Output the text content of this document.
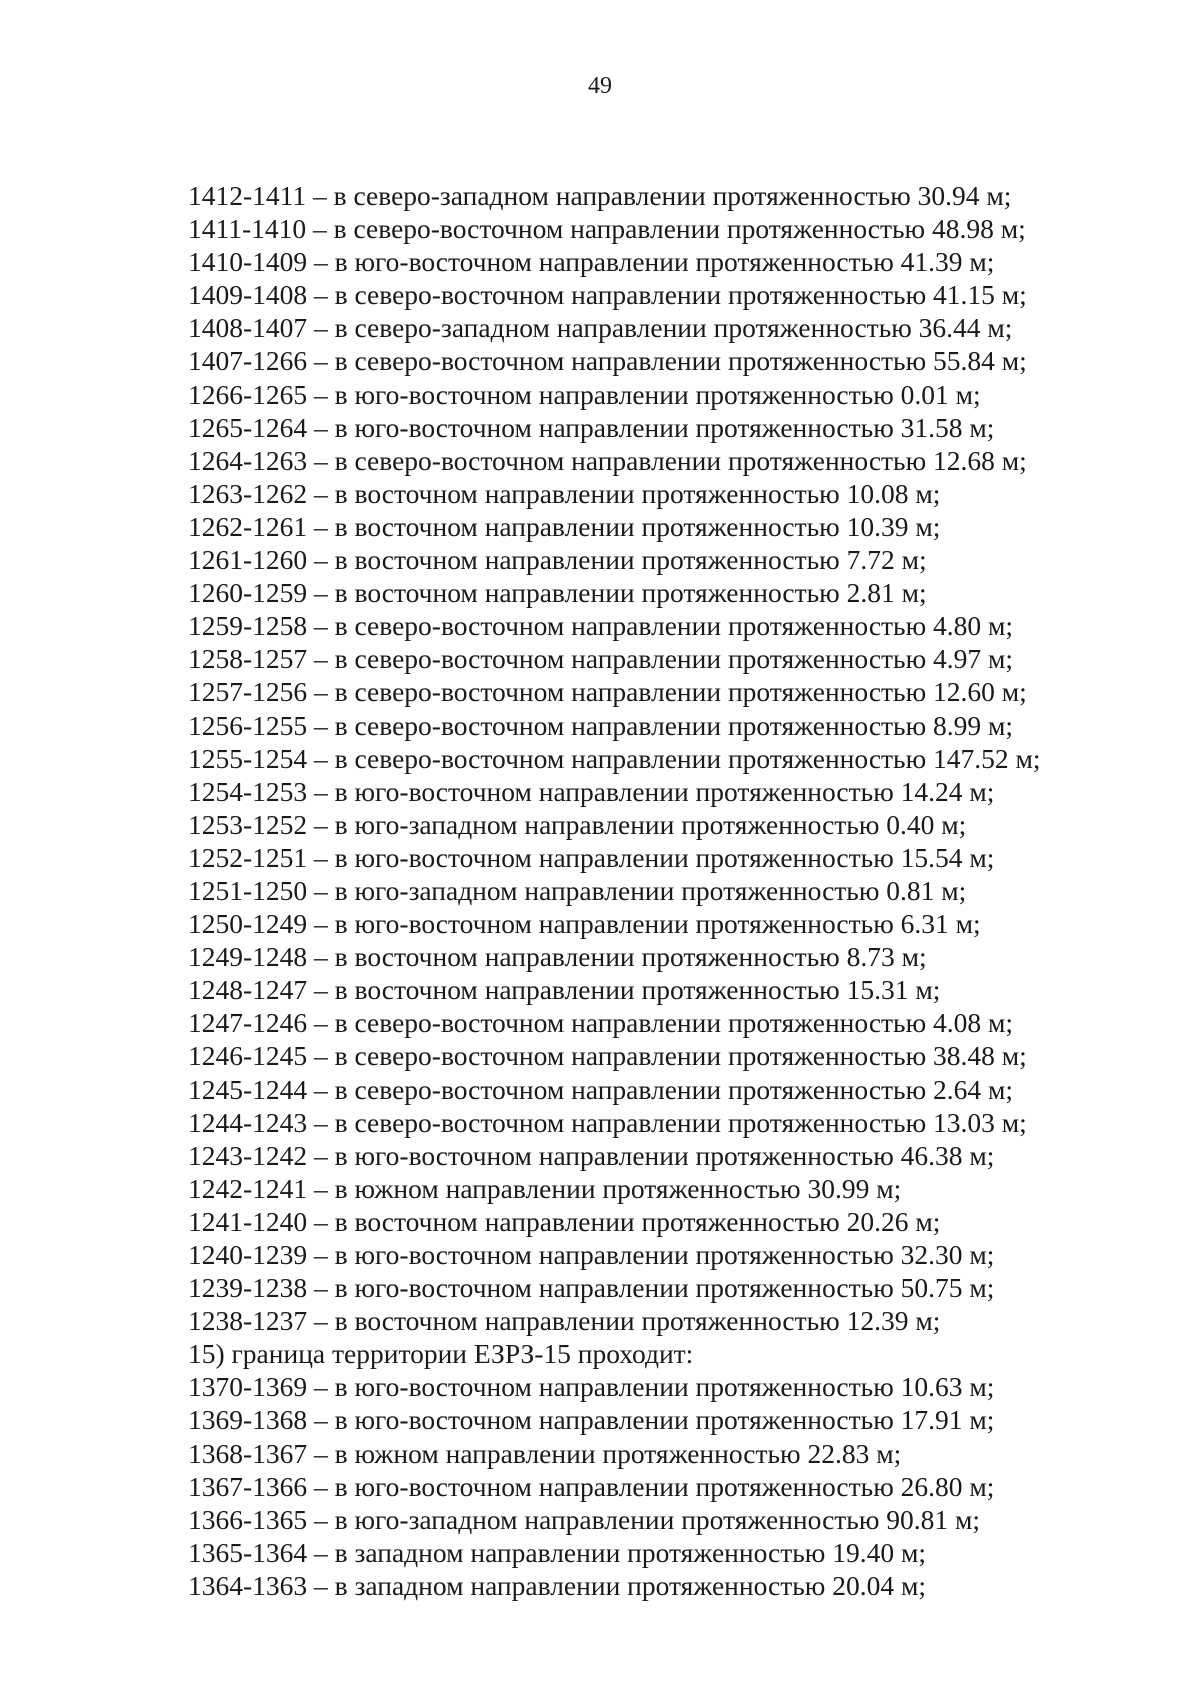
49
1412-1411 – в северо-западном направлении протяженностью 30.94 м;
1411-1410 – в северо-восточном направлении протяженностью 48.98 м;
1410-1409 – в юго-восточном направлении протяженностью 41.39 м;
1409-1408 – в северо-восточном направлении протяженностью 41.15 м;
1408-1407 – в северо-западном направлении протяженностью 36.44 м;
1407-1266 – в северо-восточном направлении протяженностью 55.84 м;
1266-1265 – в юго-восточном направлении протяженностью 0.01 м;
1265-1264 – в юго-восточном направлении протяженностью 31.58 м;
1264-1263 – в северо-восточном направлении протяженностью 12.68 м;
1263-1262 – в восточном направлении протяженностью 10.08 м;
1262-1261 – в восточном направлении протяженностью 10.39 м;
1261-1260 – в восточном направлении протяженностью 7.72 м;
1260-1259 – в восточном направлении протяженностью 2.81 м;
1259-1258 – в северо-восточном направлении протяженностью 4.80 м;
1258-1257 – в северо-восточном направлении протяженностью 4.97 м;
1257-1256 – в северо-восточном направлении протяженностью 12.60 м;
1256-1255 – в северо-восточном направлении протяженностью 8.99 м;
1255-1254 – в северо-восточном направлении протяженностью 147.52 м;
1254-1253 – в юго-восточном направлении протяженностью 14.24 м;
1253-1252 – в юго-западном направлении протяженностью 0.40 м;
1252-1251 – в юго-восточном направлении протяженностью 15.54 м;
1251-1250 – в юго-западном направлении протяженностью 0.81 м;
1250-1249 – в юго-восточном направлении протяженностью 6.31 м;
1249-1248 – в восточном направлении протяженностью 8.73 м;
1248-1247 – в восточном направлении протяженностью 15.31 м;
1247-1246 – в северо-восточном направлении протяженностью 4.08 м;
1246-1245 – в северо-восточном направлении протяженностью 38.48 м;
1245-1244 – в северо-восточном направлении протяженностью 2.64 м;
1244-1243 – в северо-восточном направлении протяженностью 13.03 м;
1243-1242 – в юго-восточном направлении протяженностью 46.38 м;
1242-1241 – в южном направлении протяженностью 30.99 м;
1241-1240 – в восточном направлении протяженностью 20.26 м;
1240-1239 – в юго-восточном направлении протяженностью 32.30 м;
1239-1238 – в юго-восточном направлении протяженностью 50.75 м;
1238-1237 – в восточном направлении протяженностью 12.39 м;
15) граница территории ЕЗРЗ-15 проходит:
1370-1369 – в юго-восточном направлении протяженностью 10.63 м;
1369-1368 – в юго-восточном направлении протяженностью 17.91 м;
1368-1367 – в южном направлении протяженностью 22.83 м;
1367-1366 – в юго-восточном направлении протяженностью 26.80 м;
1366-1365 – в юго-западном направлении протяженностью 90.81 м;
1365-1364 – в западном направлении протяженностью 19.40 м;
1364-1363 – в западном направлении протяженностью 20.04 м;
